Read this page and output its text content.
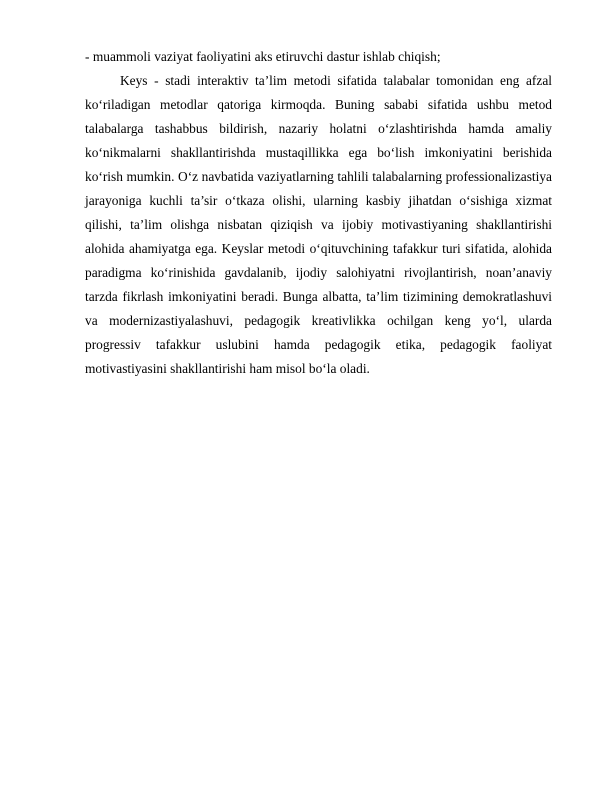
- muammoli vaziyat faoliyatini aks etiruvchi dastur ishlab chiqish;

Keys - stadi interaktiv ta’lim metodi sifatida talabalar tomonidan eng afzal ko‘riladigan metodlar qatoriga kirmoqda. Buning sababi sifatida ushbu metod talabalarga tashabbus bildirish, nazariy holatni o‘zlashtirishda hamda amaliy ko‘nikmalarni shakllantirishda mustaqillikka ega bo‘lish imkoniyatini berishida ko‘rish mumkin. O‘z navbatida vaziyatlarning tahlili talabalarning professionalizastiya jarayoniga kuchli ta’sir o‘tkaza olishi, ularning kasbiy jihatdan o‘sishiga xizmat qilishi, ta’lim olishga nisbatan qiziqish va ijobiy motivastiyaning shakllantirishi alohida ahamiyatga ega. Keyslar metodi o‘qituvchining tafakkur turi sifatida, alohida paradigma ko‘rinishida gavdalanib, ijodiy salohiyatni rivojlantirish, noan’anaviy tarzda fikrlash imkoniyatini beradi. Bunga albatta, ta’lim tizimining demokratlashuvi va modernizastiyalashuvi, pedagogik kreativlikka ochilgan keng yo‘l, ularda progressiv tafakkur uslubini hamda pedagogik etika, pedagogik faoliyat motivastiyasini shakllantirishi ham misol bo‘la oladi.
